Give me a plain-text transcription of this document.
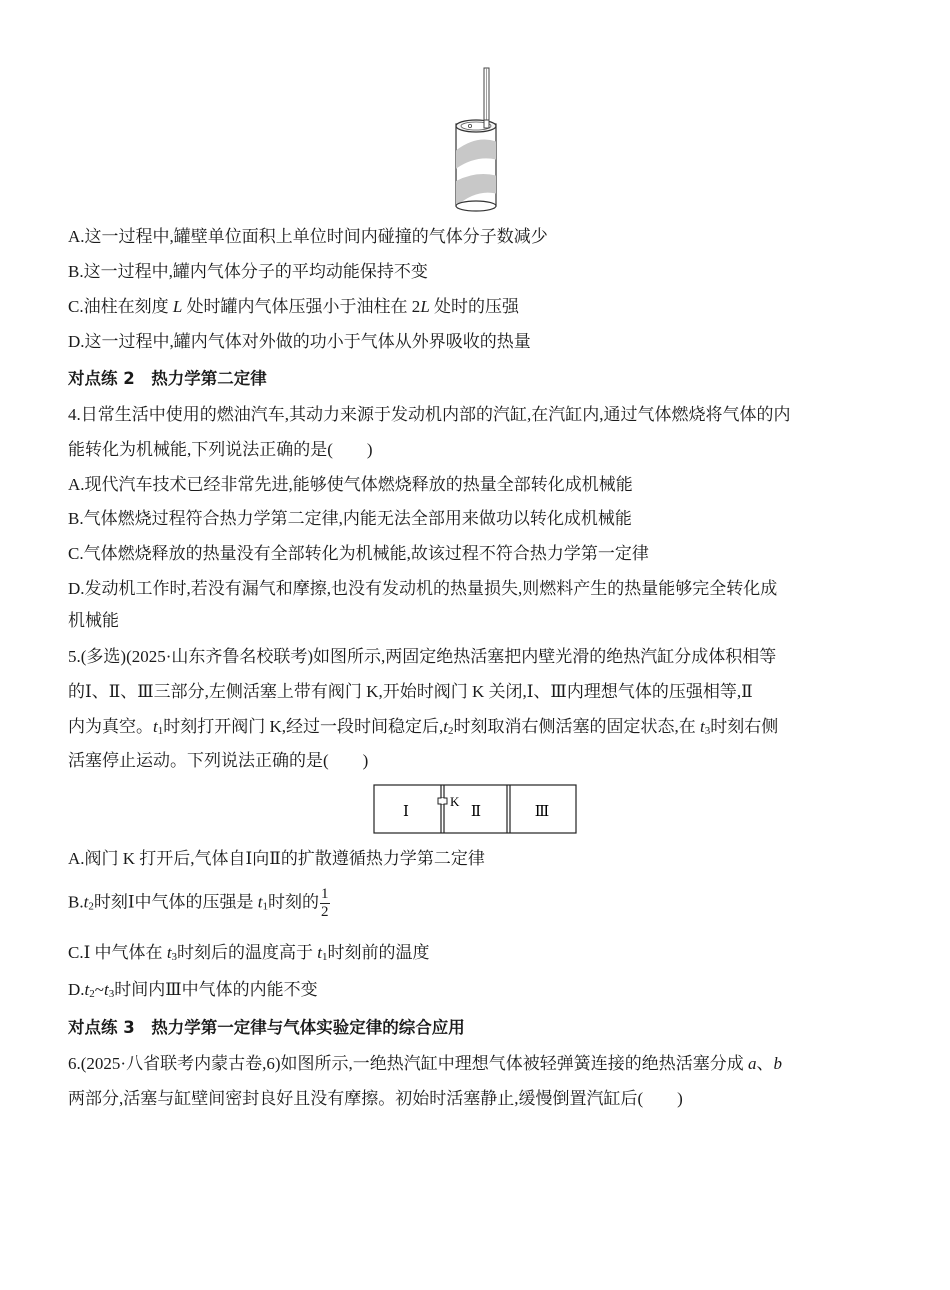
A.这一过程中,罐壁单位面积上单位时间内碰撞的气体分子数减少
B.这一过程中,罐内气体分子的平均动能保持不变
C.油柱在刻度 L 处时罐内气体压强小于油柱在 2L 处时的压强
D.这一过程中,罐内气体对外做的功小于气体从外界吸收的热量
对点练 2　热力学第二定律
4.日常生活中使用的燃油汽车,其动力来源于发动机内部的汽缸,在汽缸内,通过气体燃烧将气体的内
能转化为机械能,下列说法正确的是(　　)
A.现代汽车技术已经非常先进,能够使气体燃烧释放的热量全部转化成机械能
B.气体燃烧过程符合热力学第二定律,内能无法全部用来做功以转化成机械能
C.气体燃烧释放的热量没有全部转化为机械能,故该过程不符合热力学第一定律
D.发动机工作时,若没有漏气和摩擦,也没有发动机的热量损失,则燃料产生的热量能够完全转化成
机械能
5.(多选)(2025·山东齐鲁名校联考)如图所示,两固定绝热活塞把内壁光滑的绝热汽缸分成体积相等
的Ⅰ、Ⅱ、Ⅲ三部分,左侧活塞上带有阀门 K,开始时阀门 K 关闭,Ⅰ、Ⅲ内理想气体的压强相等,Ⅱ
内为真空。$t_1$时刻打开阀门 K,经过一段时间稳定后$,t_2$时刻取消右侧活塞的固定状态,在 $t_3$时刻右侧
活塞停止运动。下列说法正确的是(　　)
Ⅰ
K
Ⅱ	Ⅲ
A.阀门 K 打开后,气体自Ⅰ向Ⅱ的扩散遵循热力学第二定律
$B.t_2$时刻Ⅰ中气体的压强是 $t_1$时刻的 $\frac{1}{2}$
C.Ⅰ 中气体在 $t_3$时刻后的温度高于 $t_1$时刻前的温度
$D.t_2\sim t_3$时间内Ⅲ中气体的内能不变
对点练 3　热力学第一定律与气体实验定律的综合应用
6.(2025·八省联考内蒙古卷,6)如图所示,一绝热汽缸中理想气体被轻弹簧连接的绝热活塞分成 a、b
两部分,活塞与缸壁间密封良好且没有摩擦。初始时活塞静止,缓慢倒置汽缸后(　　)
